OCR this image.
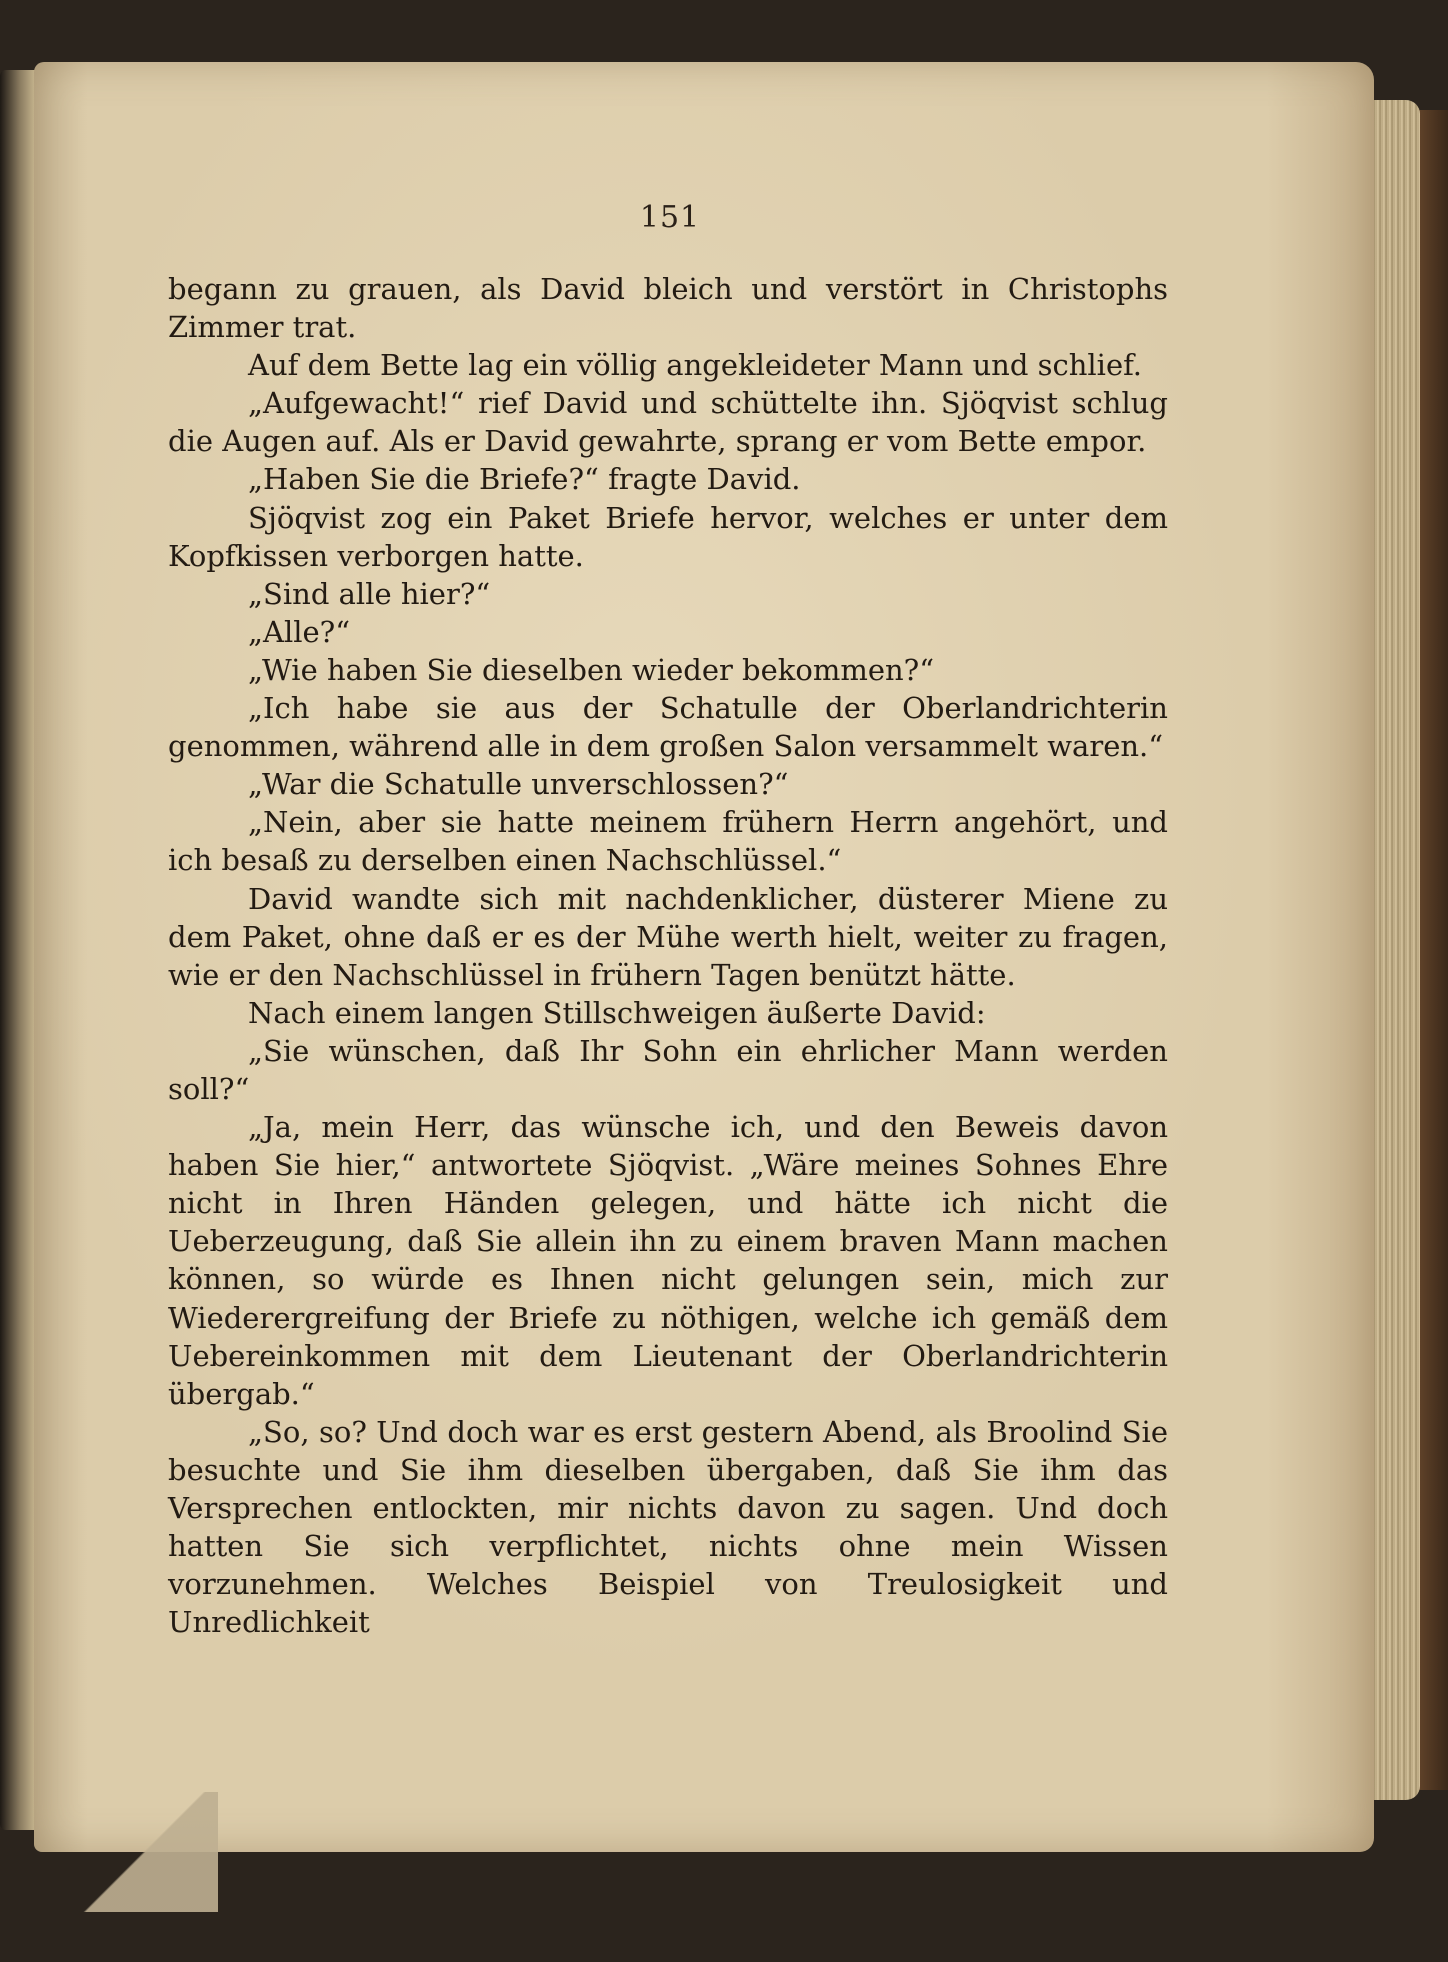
151

begann zu grauen, als David bleich und verstört in Christophs Zimmer trat.

Auf dem Bette lag ein völlig angekleideter Mann und schlief.

„Aufgewacht!“ rief David und schüttelte ihn. Sjöqvist schlug die Augen auf. Als er David gewahrte, sprang er vom Bette empor.

„Haben Sie die Briefe?“ fragte David.

Sjöqvist zog ein Paket Briefe hervor, welches er unter dem Kopfkissen verborgen hatte.

„Sind alle hier?“

„Alle?“

„Wie haben Sie dieselben wieder bekommen?“

„Ich habe sie aus der Schatulle der Oberlandrichterin genommen, während alle in dem großen Salon versammelt waren.“

„War die Schatulle unverschlossen?“

„Nein, aber sie hatte meinem frühern Herrn angehört, und ich besaß zu derselben einen Nachschlüssel.“

David wandte sich mit nachdenklicher, düsterer Miene zu dem Paket, ohne daß er es der Mühe werth hielt, weiter zu fragen, wie er den Nachschlüssel in frühern Tagen benützt hätte.

Nach einem langen Stillschweigen äußerte David:

„Sie wünschen, daß Ihr Sohn ein ehrlicher Mann werden soll?“

„Ja, mein Herr, das wünsche ich, und den Beweis davon haben Sie hier,“ antwortete Sjöqvist. „Wäre meines Sohnes Ehre nicht in Ihren Händen gelegen, und hätte ich nicht die Ueberzeugung, daß Sie allein ihn zu einem braven Mann machen können, so würde es Ihnen nicht gelungen sein, mich zur Wiederergreifung der Briefe zu nöthigen, welche ich gemäß dem Uebereinkommen mit dem Lieutenant der Oberlandrichterin übergab.“

„So, so? Und doch war es erst gestern Abend, als Broolind Sie besuchte und Sie ihm dieselben übergaben, daß Sie ihm das Versprechen entlockten, mir nichts davon zu sagen. Und doch hatten Sie sich verpflichtet, nichts ohne mein Wissen vorzunehmen. Welches Beispiel von Treulosigkeit und Unredlichkeit
